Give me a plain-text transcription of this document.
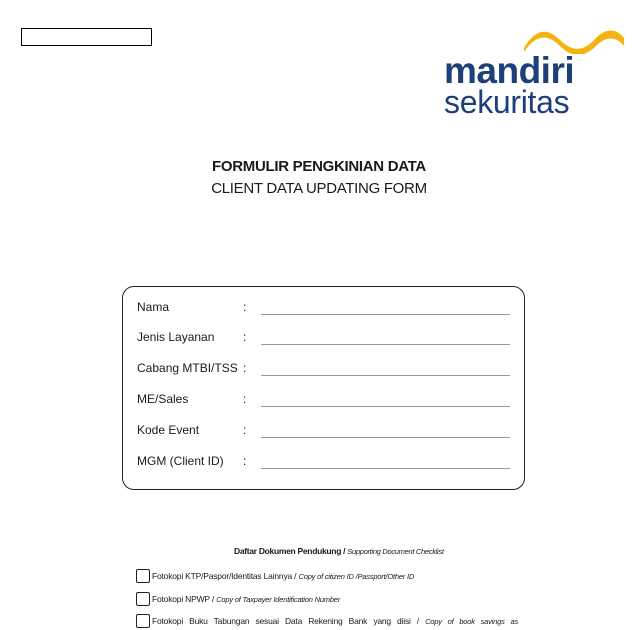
mandiri
sekuritas
FORMULIR PENGKINIAN DATA
CLIENT DATA UPDATING FORM
Nama	:
Jenis Layanan :
Cabang MTBI/TSS :
ME/Sales	:
Kode Event	:
MGM (Client ID) :
Daftar Dokumen Pendukung / Supporting Document Checklist
Fotokopi KTP/Paspor/Identitas Lainnya / Copy of citizen ID /Passport/Other ID
Fotokopi NPWP / Copy of Taxpayer Identification Number
Fotokopi Buku Tabungan sesuai Data Rekening Bank yang diisi / Copy of book savings as
